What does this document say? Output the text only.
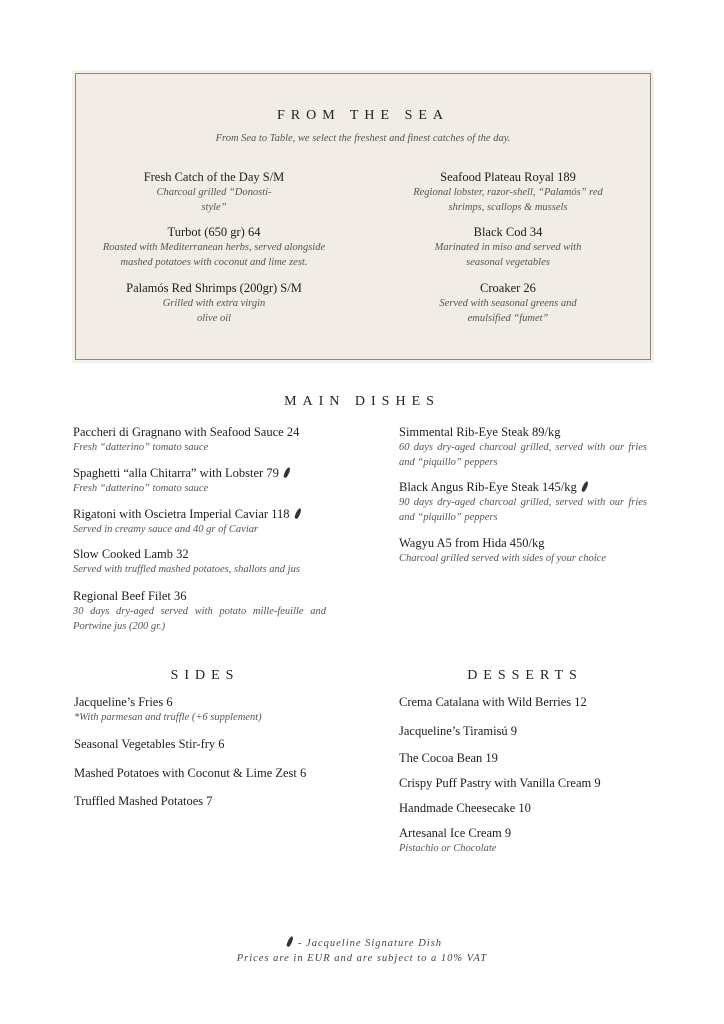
FROM THE SEA
From Sea to Table, we select the freshest and finest catches of the day.
Fresh Catch of the Day S/M
Charcoal grilled “Donosti-
style”
Seafood Plateau Royal 189
Regional lobster, razor-shell, “Palamós” red
shrimps, scallops & mussels
Turbot (650 gr) 64
Roasted with Mediterranean herbs, served alongside
mashed potatoes with coconut and lime zest.
Black Cod 34
Marinated in miso and served with
seasonal vegetables
Palamós Red Shrimps (200gr) S/M
Grilled with extra virgin
olive oil
Croaker 26
Served with seasonal greens and
emulsified “fumet”
MAIN DISHES
Paccheri di Gragnano with Seafood Sauce 24
Fresh “datterino” tomato sauce
Spaghetti “alla Chitarra” with Lobster 79
Fresh “datterino” tomato sauce
Rigatoni with Oscietra Imperial Caviar 118
Served in creamy sauce and 40 gr of Caviar
Slow Cooked Lamb 32
Served with truffled mashed potatoes, shallots and jus
Regional Beef Filet 36
30 days dry-aged served with potato mille-feuille and Portwine jus (200 gr.)
Simmental Rib-Eye Steak 89/kg
60 days dry-aged charcoal grilled, served with our fries and “piquillo” peppers
Black Angus Rib-Eye Steak 145/kg
90 days dry-aged charcoal grilled, served with our fries and “piquillo” peppers
Wagyu A5 from Hida 450/kg
Charcoal grilled served with sides of your choice
SIDES	DESSERTS
Jacqueline’s Fries 6
*With parmesan and truffle (+6 supplement)
Seasonal Vegetables Stir-fry 6
Mashed Potatoes with Coconut & Lime Zest 6
Truffled Mashed Potatoes 7
Crema Catalana with Wild Berries 12
Jacqueline’s Tiramisú 9
The Cocoa Bean 19
Crispy Puff Pastry with Vanilla Cream 9
Handmade Cheesecake 10
Artesanal Ice Cream 9
Pistachio or Chocolate
- Jacqueline Signature Dish
Prices are in EUR and are subject to a 10% VAT
